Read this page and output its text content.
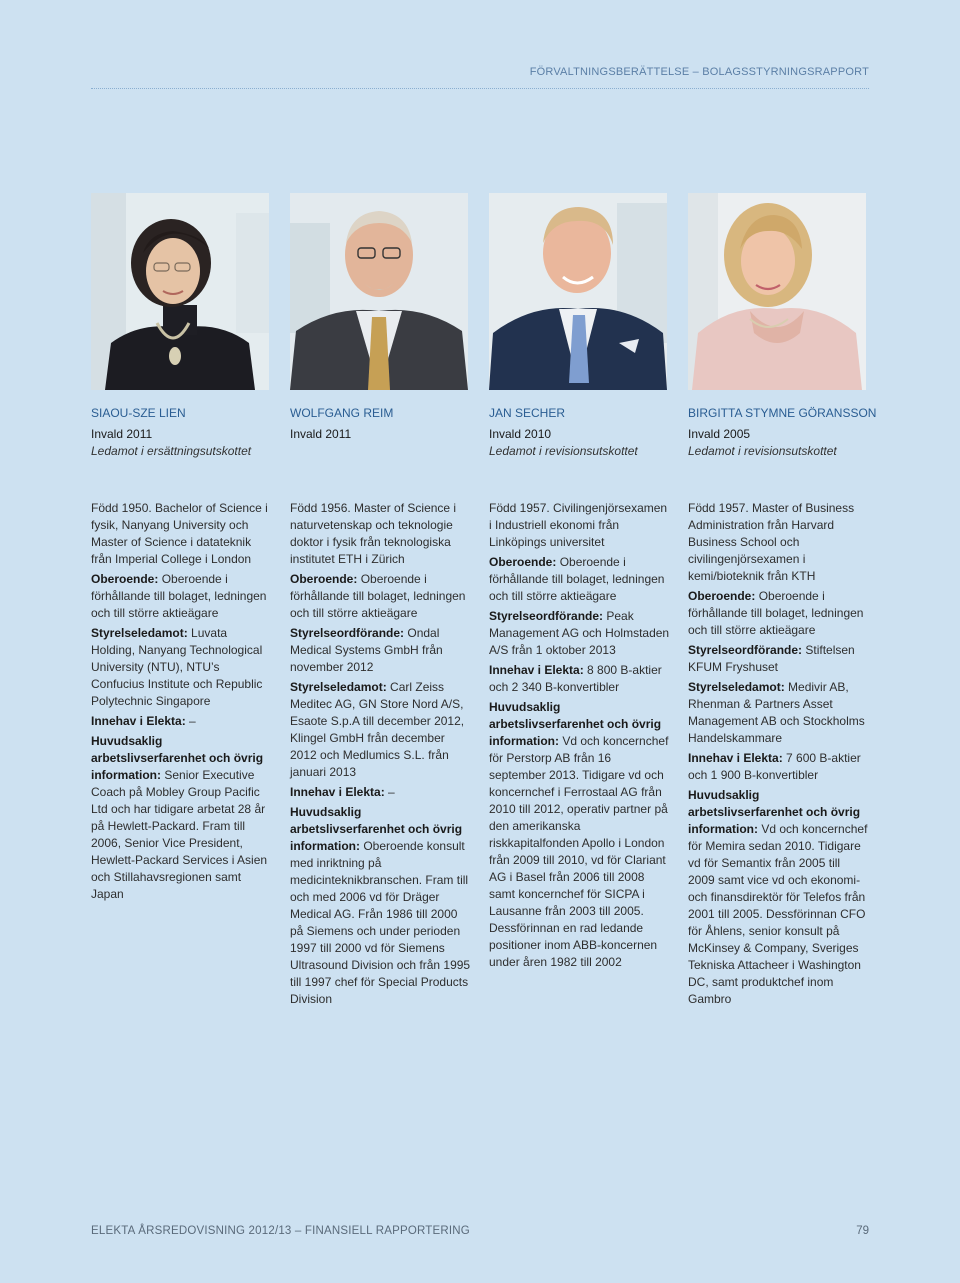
FÖRVALTNINGSBERÄTTELSE – BOLAGSSTYRNINGSRAPPORT
SIAOU-SZE LIEN
Invald 2011
Ledamot i ersättningsutskottet

Född 1950. Bachelor of Science i fysik, Nanyang University och Master of Science i datateknik från Imperial College i London

Oberoende: Oberoende i förhållande till bolaget, ledningen och till större aktieägare

Styrelseledamot: Luvata Holding, Nanyang Technological University (NTU), NTU’s Confucius Institute och Republic Polytechnic Singapore

Innehav i Elekta: –

Huvudsaklig arbetslivserfarenhet och övrig information: Senior Executive Coach på Mobley Group Pacific Ltd och har tidigare arbetat 28 år på Hewlett-Packard. Fram till 2006, Senior Vice President, Hewlett-Packard Services i Asien och Stillahavsregionen samt Japan

WOLFGANG REIM
Invald 2011

Född 1956. Master of Science i naturvetenskap och teknologie doktor i fysik från teknologiska institutet ETH i Zürich

Oberoende: Oberoende i förhållande till bolaget, ledningen och till större aktieägare

Styrelseordförande: Ondal Medical Systems GmbH från november 2012

Styrelseledamot: Carl Zeiss Meditec AG, GN Store Nord A/S, Esaote S.p.A till december 2012, Klingel GmbH från december 2012 och Medlumics S.L. från januari 2013

Innehav i Elekta: –

Huvudsaklig arbetslivserfarenhet och övrig information: Oberoende konsult med inriktning på medicinteknikbranschen. Fram till och med 2006 vd för Dräger Medical AG. Från 1986 till 2000 på Siemens och under perioden 1997 till 2000 vd för Siemens Ultrasound Division och från 1995 till 1997 chef för Special Products Division

JAN SECHER
Invald 2010
Ledamot i revisionsutskottet

Född 1957. Civilingenjörsexamen i Industriell ekonomi från Linköpings universitet

Oberoende: Oberoende i förhållande till bolaget, ledningen och till större aktieägare

Styrelseordförande: Peak Management AG och Holmstaden A/S från 1 oktober 2013

Innehav i Elekta: 8 800 B-aktier och 2 340 B-konvertibler

Huvudsaklig arbetslivserfarenhet och övrig information: Vd och koncernchef för Perstorp AB från 16 september 2013. Tidigare vd och koncernchef i Ferrostaal AG från 2010 till 2012, operativ partner på den amerikanska riskkapitalfonden Apollo i London från 2009 till 2010, vd för Clariant AG i Basel från 2006 till 2008 samt koncernchef för SICPA i Lausanne från 2003 till 2005. Dessförinnan en rad ledande positioner inom ABB-koncernen under åren 1982 till 2002

BIRGITTA STYMNE GÖRANSSON
Invald 2005
Ledamot i revisionsutskottet

Född 1957. Master of Business Administration från Harvard Business School och civilingenjörsexamen i kemi/bioteknik från KTH

Oberoende: Oberoende i förhållande till bolaget, ledningen och till större aktieägare

Styrelseordförande: Stiftelsen KFUM Fryshuset

Styrelseledamot: Medivir AB, Rhenman & Partners Asset Management AB och Stockholms Handelskammare

Innehav i Elekta: 7 600 B-aktier och 1 900 B-konvertibler

Huvudsaklig arbetslivserfarenhet och övrig information: Vd och koncernchef för Memira sedan 2010. Tidigare vd för Semantix från 2005 till 2009 samt vice vd och ekonomi- och finansdirektör för Telefos från 2001 till 2005. Dessförinnan CFO för Åhlens, senior konsult på McKinsey & Company, Sveriges Tekniska Attacheer i Washington DC, samt produktchef inom Gambro

ELEKTA ÅRSREDOVISNING 2012/13 – FINANSIELL RAPPORTERING	79
